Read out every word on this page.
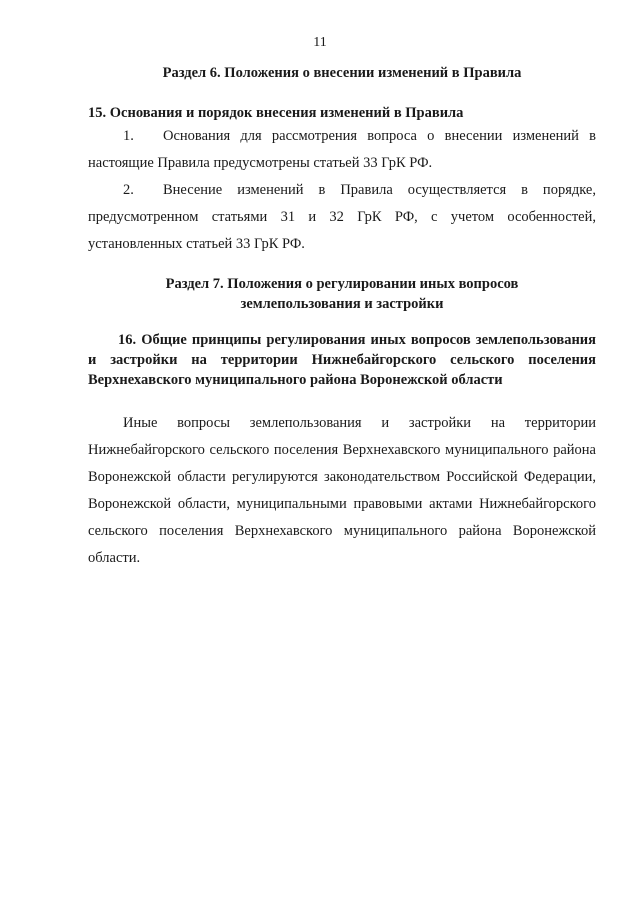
11
Раздел 6. Положения о внесении изменений в Правила
15. Основания и порядок внесения изменений в Правила
1. Основания для рассмотрения вопроса о внесении изменений в настоящие Правила предусмотрены статьей 33 ГрК РФ.
2. Внесение изменений в Правила осуществляется в порядке, предусмотренном статьями 31 и 32 ГрК РФ, с учетом особенностей, установленных статьей 33 ГрК РФ.
Раздел 7. Положения о регулировании иных вопросов
землепользования и застройки
16. Общие принципы регулирования иных вопросов землепользования и застройки на территории Нижнебайгорского сельского поселения Верхнехавского муниципального района Воронежской области
Иные вопросы землепользования и застройки на территории Нижнебайгорского сельского поселения Верхнехавского муниципального района Воронежской области регулируются законодательством Российской Федерации, Воронежской области, муниципальными правовыми актами Нижнебайгорского сельского поселения Верхнехавского муниципального района Воронежской области.
